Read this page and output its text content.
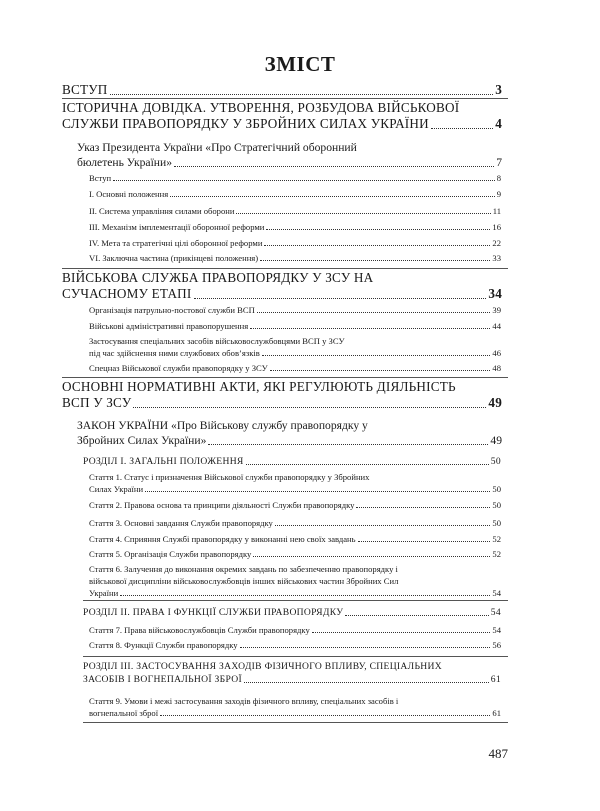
ЗМІСТ
ВСТУП	3
ІСТОРИЧНА ДОВІДКА. УТВОРЕННЯ, РОЗБУДОВА ВІЙСЬКОВОЇ
СЛУЖБИ ПРАВОПОРЯДКУ У ЗБРОЙНИХ СИЛАХ УКРАЇНИ	4
Указ Президента України «Про Стратегічний оборонний
бюлетень України»	7
Вступ	8
I. Основні положення	9
II. Система управління силами оборони	11
III. Механізм імплементації оборонної реформи	16
IV. Мета та стратегічні цілі оборонної реформи	22
VI. Заключна частина (прикінцеві положення)	33
ВІЙСЬКОВА СЛУЖБА ПРАВОПОРЯДКУ У ЗСУ НА
СУЧАСНОМУ ЕТАПІ	34
Організація патрульно-постової служби ВСП	39
Військові адміністративні правопорушення	44
Застосування спеціальних засобів військовослужбовцями ВСП у ЗСУ
під час здійснення ними службових обов’язків	46
Спецназ Військової служби правопорядку у ЗСУ	48
ОСНОВНІ НОРМАТИВНІ АКТИ, ЯКІ РЕГУЛЮЮТЬ ДІЯЛЬНІСТЬ
ВСП У ЗСУ	49
ЗАКОН УКРАЇНИ «Про Військову службу правопорядку у
Збройних Силах України»	49
РОЗДІЛ I. ЗАГАЛЬНІ ПОЛОЖЕННЯ	50
Стаття 1. Статус і призначення Військової служби правопорядку у Збройних
Силах України	50
Стаття 2. Правова основа та принципи діяльності Служби правопорядку	50
Стаття 3. Основні завдання Служби правопорядку	50
Стаття 4. Сприяння Службі правопорядку у виконанні нею своїх завдань	52
Стаття 5. Організація Служби правопорядку	52
Стаття 6. Залучення до виконання окремих завдань по забезпеченню правопорядку і
військової дисципліни військовослужбовців інших військових частин Збройних Сил
України	54
РОЗДІЛ II. ПРАВА І ФУНКЦІЇ СЛУЖБИ ПРАВОПОРЯДКУ	54
Стаття 7. Права військовослужбовців Служби правопорядку	54
Стаття 8. Функції Служби правопорядку	56
РОЗДІЛ III. ЗАСТОСУВАННЯ ЗАХОДІВ ФІЗИЧНОГО ВПЛИВУ, СПЕЦІАЛЬНИХ
ЗАСОБІВ І ВОГНЕПАЛЬНОЇ ЗБРОЇ	61
Стаття 9. Умови і межі застосування заходів фізичного впливу, спеціальних засобів і
вогнепальної зброї	61
487
